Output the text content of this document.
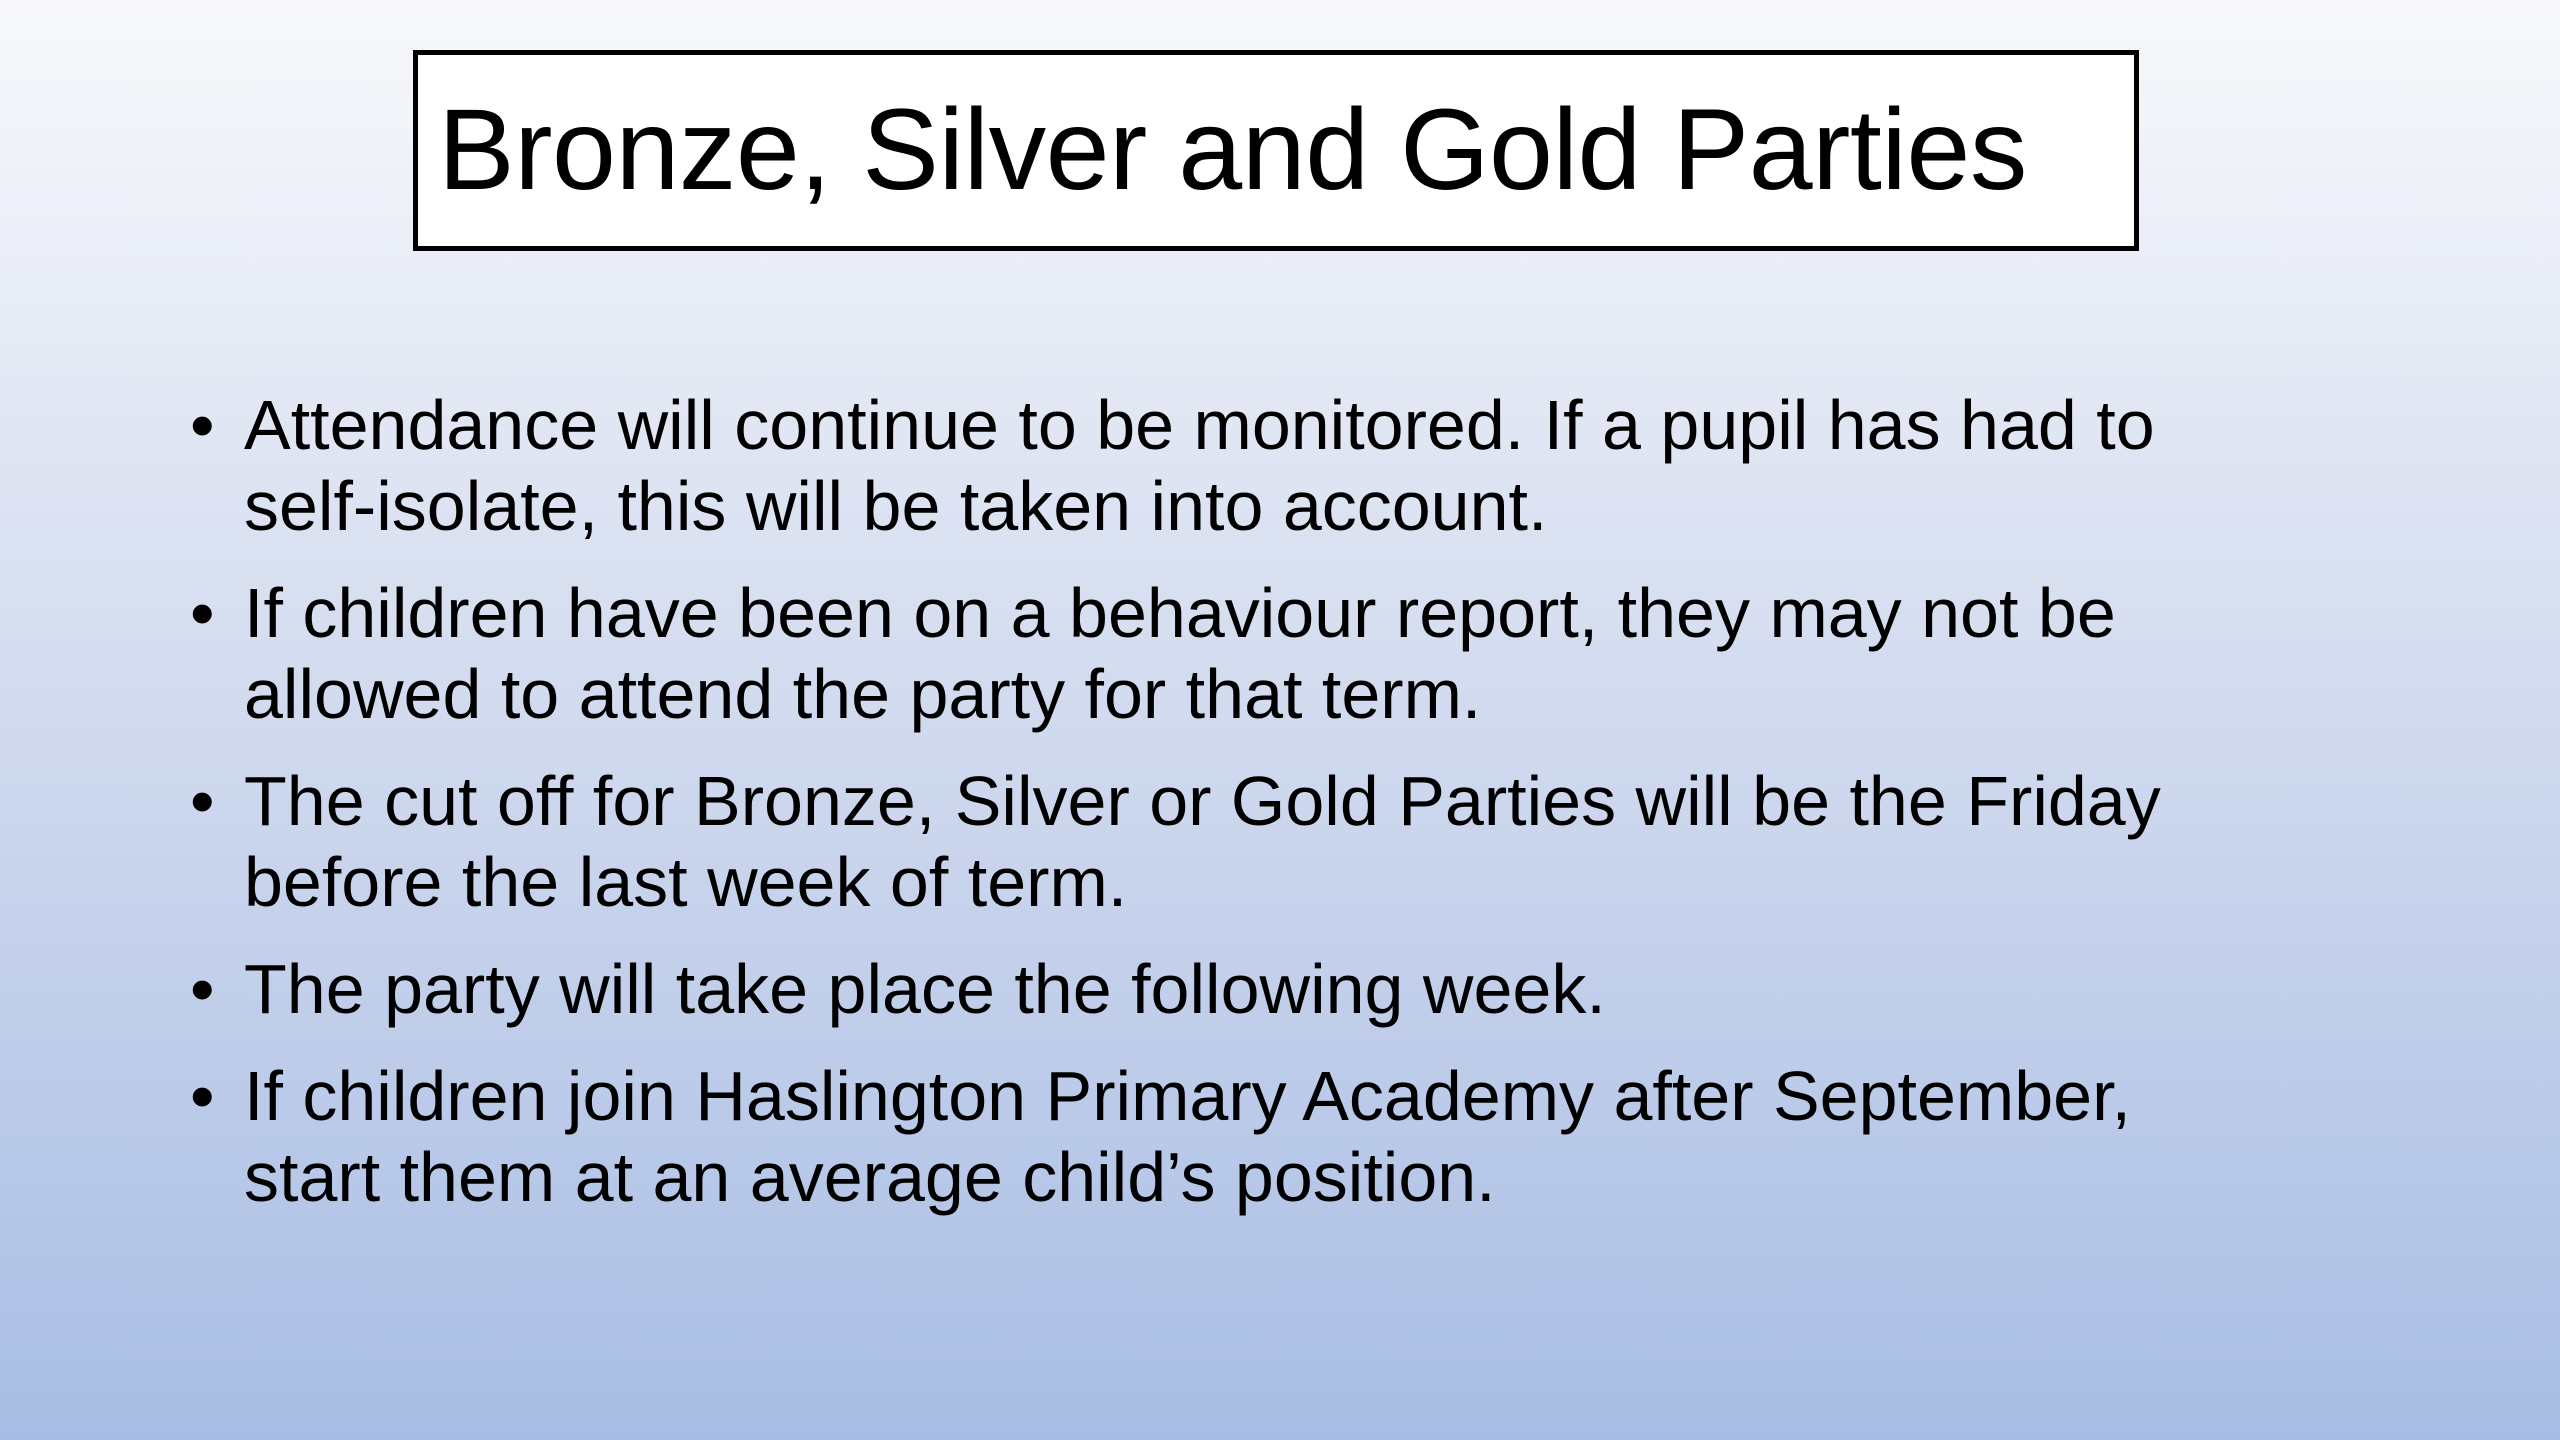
Bronze, Silver and Gold Parties
• Attendance will continue to be monitored. If a pupil has had to
self-isolate, this will be taken into account.
• If children have been on a behaviour report, they may not be
allowed to attend the party for that term.
• The cut off for Bronze, Silver or Gold Parties will be the Friday
before the last week of term.
• The party will take place the following week.
• If children join Haslington Primary Academy after September,
start them at an average child’s position.
